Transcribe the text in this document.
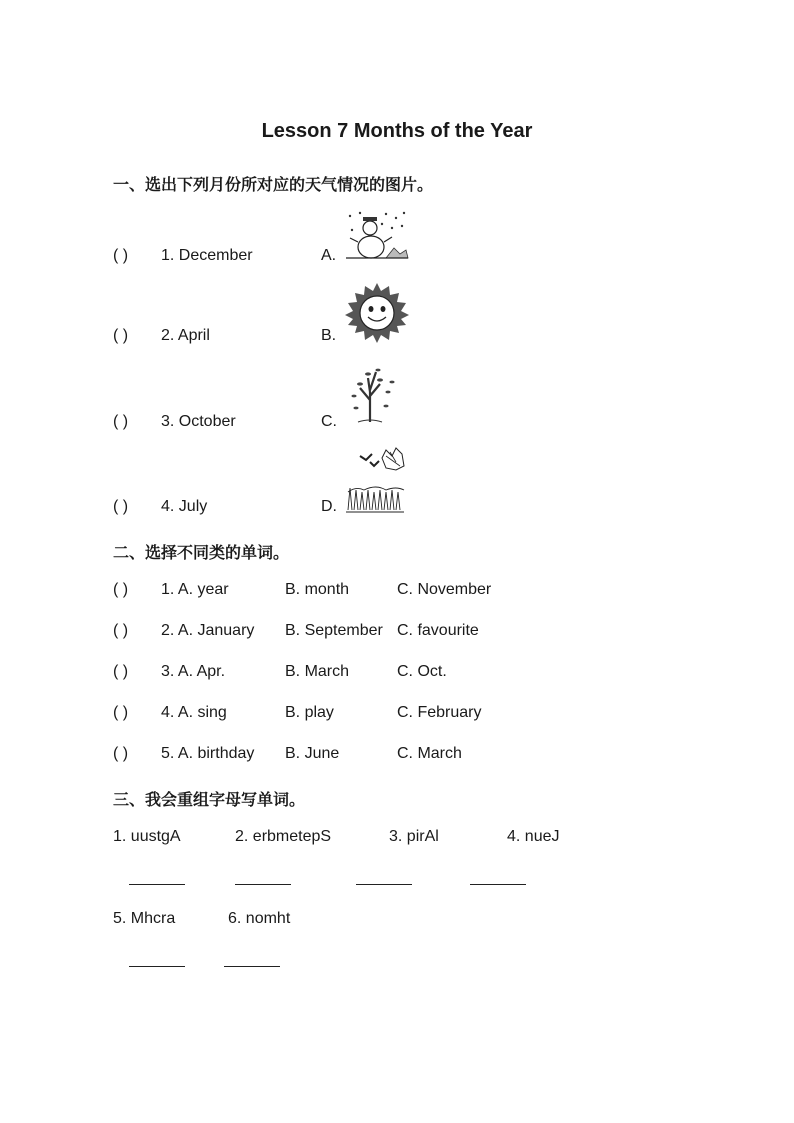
Lesson 7 Months of the Year
一、选出下列月份所对应的天气情况的图片。
( ) 1. December	A.
( ) 2. April	B.
( ) 3. October	C.
( ) 4. July	D.
二、选择不同类的单词。
( ) 1. A. year	B. month	C. November
( ) 2. A. January B. September C. favourite
( ) 3. A. Apr.	B. March	C. Oct.
( ) 4. A. sing	B. play	C. February
( ) 5. A. birthday B. June	C. March
三、我会重组字母写单词。
1. uustgA	2. erbmetepS	3. pirAl	4. nueJ
5. Mhcra	6. nomht
